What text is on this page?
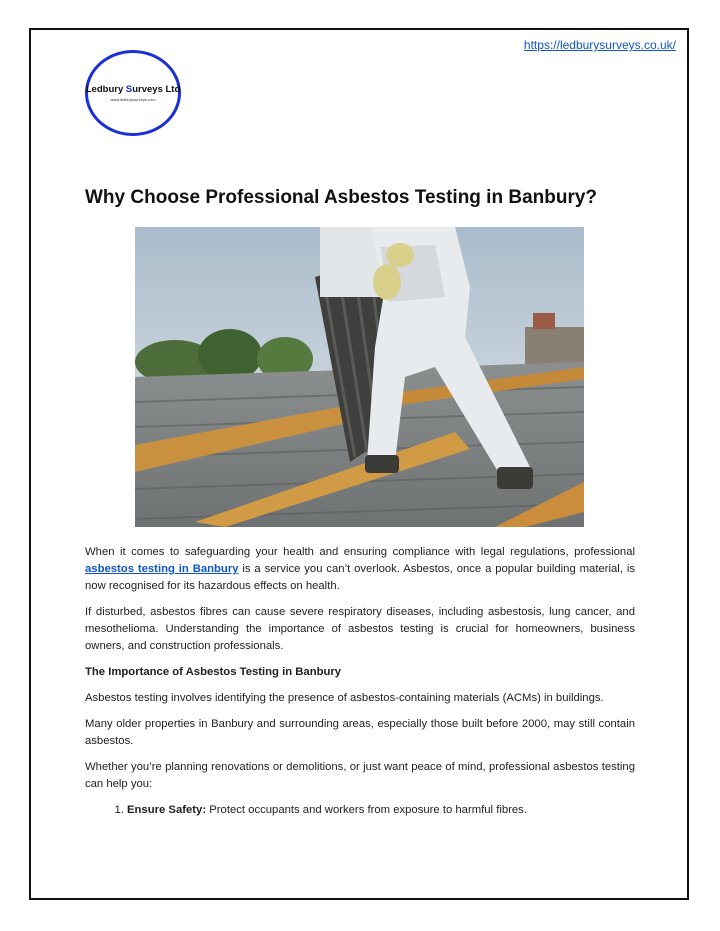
https://ledburysurveys.co.uk/
Ledbury Surveys Ltd
www.ledburysurveys.com
Why Choose Professional Asbestos Testing in Banbury?

When it comes to safeguarding your health and ensuring compliance with legal regulations, professional asbestos testing in Banbury is a service you can’t overlook. Asbestos, once a popular building material, is now recognised for its hazardous effects on health.

If disturbed, asbestos fibres can cause severe respiratory diseases, including asbestosis, lung cancer, and mesothelioma. Understanding the importance of asbestos testing is crucial for homeowners, business owners, and construction professionals.

The Importance of Asbestos Testing in Banbury

Asbestos testing involves identifying the presence of asbestos-containing materials (ACMs) in buildings.

Many older properties in Banbury and surrounding areas, especially those built before 2000, may still contain asbestos.

Whether you’re planning renovations or demolitions, or just want peace of mind, professional asbestos testing can help you:

1. Ensure Safety: Protect occupants and workers from exposure to harmful fibres.
